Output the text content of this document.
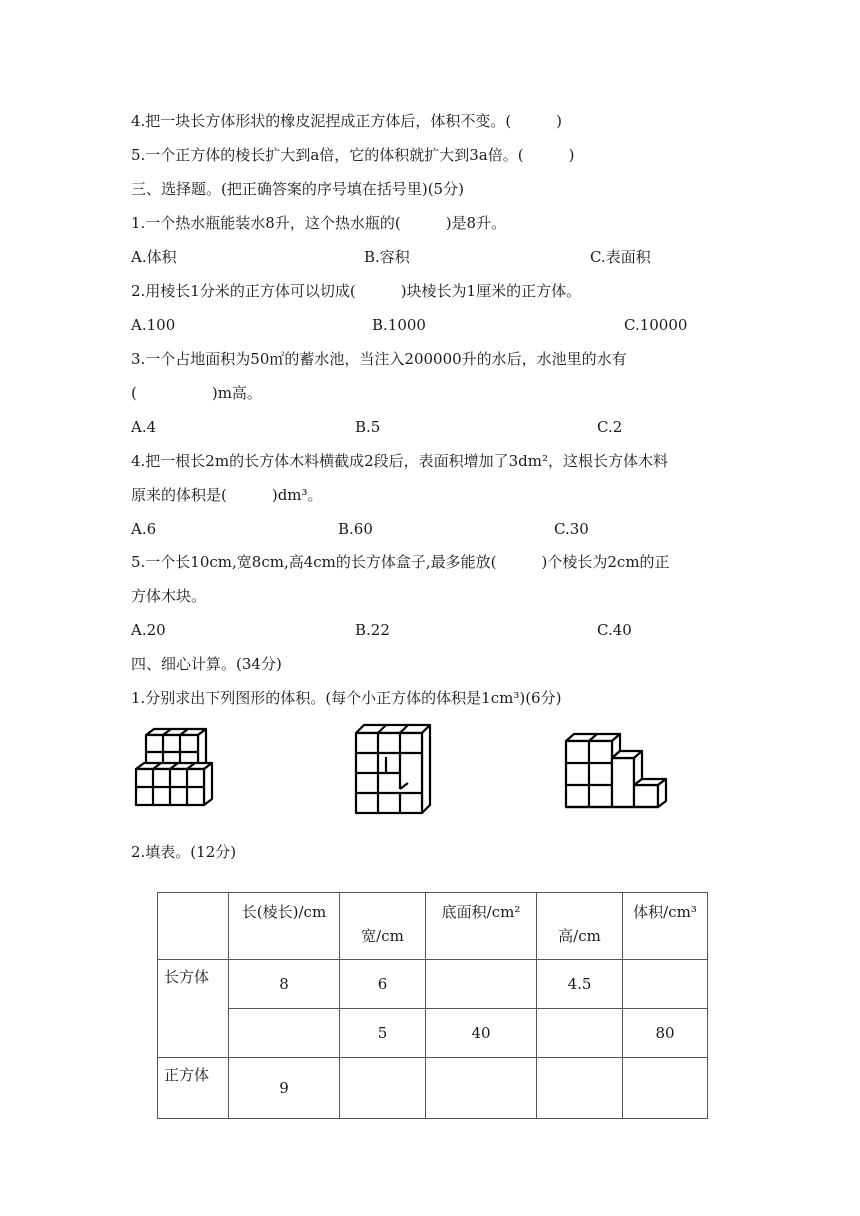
4.把一块长方体形状的橡皮泥捏成正方体后，体积不变。(　　　)
5.一个正方体的棱长扩大到a倍，它的体积就扩大到3a倍。(　　　)
三、选择题。(把正确答案的序号填在括号里)(5分)
1.一个热水瓶能装水8升，这个热水瓶的(　　　)是8升。
A.体积	B.容积	C.表面积
2.用棱长1分米的正方体可以切成(　　　)块棱长为1厘米的正方体。
A.100	B.1000	C.10000
3.一个占地面积为50㎡的蓄水池，当注入200000升的水后，水池里的水有
(　　　　　)m高。
A.4	B.5	C.2
4.把一根长2m的长方体木料横截成2段后，表面积增加了3dm²，这根长方体木料
原来的体积是(　　　)dm³。
A.6	B.60	C.30
5.一个长10cm,宽8cm,高4cm的长方体盒子,最多能放(　　　)个棱长为2cm的正
方体木块。
A.20	B.22	C.40
四、细心计算。(34分)
1.分别求出下列图形的体积。(每个小正方体的体积是1cm³)(6分)
2.填表。(12分)
	长(棱长)/cm	宽/cm	底面积/cm²	高/cm	体积/cm³
长方体	8	6		4.5	
		5	40		80
正方体	9				
